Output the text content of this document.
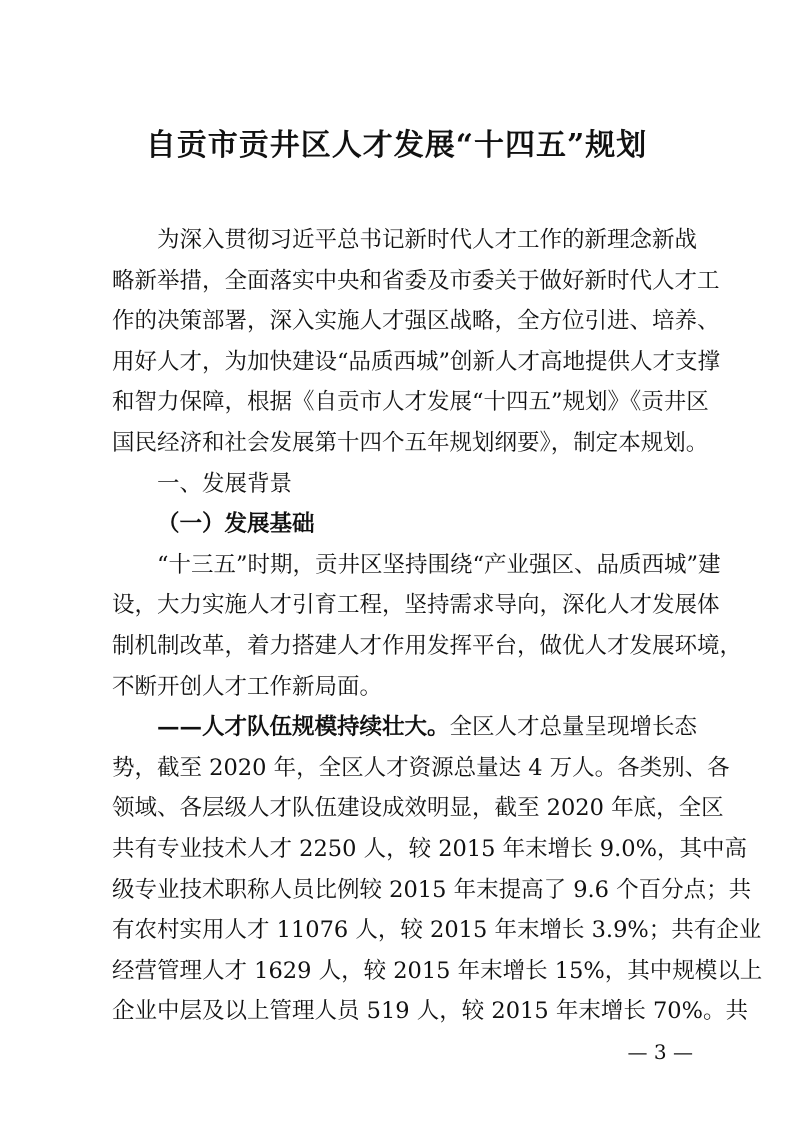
自贡市贡井区人才发展“十四五”规划
为深入贯彻习近平总书记新时代人才工作的新理念新战
略新举措，全面落实中央和省委及市委关于做好新时代人才工
作的决策部署，深入实施人才强区战略，全方位引进、培养、
用好人才，为加快建设“品质西城”创新人才高地提供人才支撑
和智力保障，根据《自贡市人才发展“十四五”规划》《贡井区
国民经济和社会发展第十四个五年规划纲要》，制定本规划。
一、发展背景
（一）发展基础
“十三五”时期，贡井区坚持围绕“产业强区、品质西城”建
设，大力实施人才引育工程，坚持需求导向，深化人才发展体
制机制改革，着力搭建人才作用发挥平台，做优人才发展环境，
不断开创人才工作新局面。
——人才队伍规模持续壮大。全区人才总量呈现增长态
势，截至 2020 年，全区人才资源总量达 4 万人。各类别、各
领域、各层级人才队伍建设成效明显，截至 2020 年底，全区
共有专业技术人才 2250 人，较 2015 年末增长 9.0%，其中高
级专业技术职称人员比例较 2015 年末提高了 9.6 个百分点；共
有农村实用人才 11076 人，较 2015 年末增长 3.9%；共有企业
经营管理人才 1629 人，较 2015 年末增长 15%，其中规模以上
企业中层及以上管理人员 519 人，较 2015 年末增长 70%。共
— 3 —
